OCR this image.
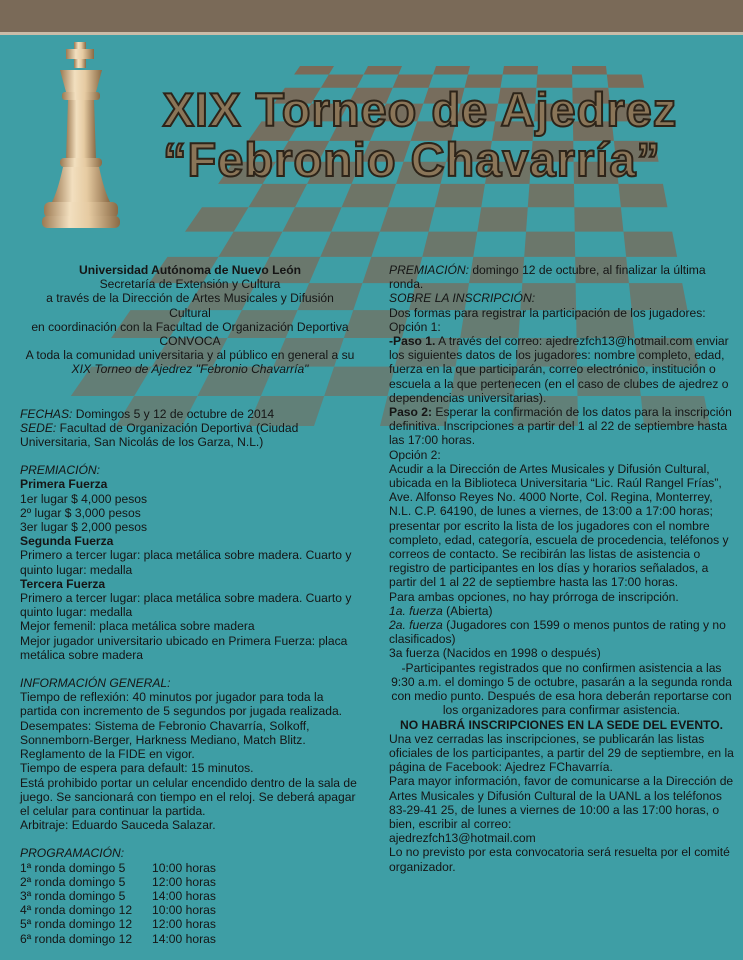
XIX Torneo de Ajedrez
“Febronio Chavarría”

Universidad Autónoma de Nuevo León

Secretaría de Extensión y Cultura

a través de la Dirección de Artes Musicales y Difusión

Cultural

en coordinación con la Facultad de Organización Deportiva

CONVOCA

A toda la comunidad universitaria y al público en general a su

XIX Torneo de Ajedrez "Febronio Chavarría"

FECHAS: Domingos 5 y 12 de octubre de 2014

SEDE: Facultad de Organización Deportiva (Ciudad Universitaria, San Nicolás de los Garza, N.L.)

PREMIACIÓN:

Primera Fuerza

1er lugar $ 4,000 pesos

2º lugar $ 3,000 pesos

3er lugar $ 2,000 pesos

Segunda Fuerza

Primero a tercer lugar: placa metálica sobre madera. Cuarto y quinto lugar: medalla

Tercera Fuerza

Primero a tercer lugar: placa metálica sobre madera. Cuarto y quinto lugar: medalla

Mejor femenil: placa metálica sobre madera

Mejor jugador universitario ubicado en Primera Fuerza: placa metálica sobre madera

INFORMACIÓN GENERAL:

Tiempo de reflexión: 40 minutos por jugador para toda la partida con incremento de 5 segundos por jugada realizada.

Desempates: Sistema de Febronio Chavarría, Solkoff, Sonnemborn-Berger, Harkness Mediano, Match Blitz.

Reglamento de la FIDE en vigor.

Tiempo de espera para default: 15 minutos.

Está prohibido portar un celular encendido dentro de la sala de juego. Se sancionará con tiempo en el reloj. Se deberá apagar el celular para continuar la partida.

Arbitraje: Eduardo Sauceda Salazar.

PROGRAMACIÓN:

1ª ronda domingo 5	10:00 horas
2ª ronda domingo 5	12:00 horas
3ª ronda domingo 5	14:00 horas
4ª ronda domingo 12	10:00 horas
5ª ronda domingo 12	12:00 horas
6ª ronda domingo 12	14:00 horas

PREMIACIÓN: domingo 12 de octubre, al finalizar la última ronda.

SOBRE LA INSCRIPCIÓN:

Dos formas para registrar la participación de los jugadores:

Opción 1:

-Paso 1. A través del correo: ajedrezfch13@hotmail.com enviar los siguientes datos de los jugadores: nombre completo, edad, fuerza en la que participarán, correo electrónico, institución o escuela a la que pertenecen (en el caso de clubes de ajedrez o dependencias universitarias).

Paso 2: Esperar la confirmación de los datos para la inscripción definitiva. Inscripciones a partir del 1 al 22 de septiembre hasta las 17:00 horas.

Opción 2:

Acudir a la Dirección de Artes Musicales y Difusión Cultural, ubicada en la Biblioteca Universitaria “Lic. Raúl Rangel Frías”, Ave. Alfonso Reyes No. 4000 Norte, Col. Regina, Monterrey, N.L. C.P. 64190, de lunes a viernes, de 13:00 a 17:00 horas; presentar por escrito la lista de los jugadores con el nombre completo, edad, categoría, escuela de procedencia, teléfonos y correos de contacto. Se recibirán las listas de asistencia o registro de participantes en los días y horarios señalados, a partir del 1 al 22 de septiembre hasta las 17:00 horas.

Para ambas opciones, no hay prórroga de inscripción.

1a. fuerza (Abierta)

2a. fuerza (Jugadores con 1599 o menos puntos de rating y no clasificados)

3a fuerza (Nacidos en 1998 o después)

-Participantes registrados que no confirmen asistencia a las 9:30 a.m. el domingo 5 de octubre, pasarán a la segunda ronda con medio punto. Después de esa hora deberán reportarse con los organizadores para confirmar asistencia.

NO HABRÁ INSCRIPCIONES EN LA SEDE DEL EVENTO.

Una vez cerradas las inscripciones, se publicarán las listas oficiales de los participantes, a partir del 29 de septiembre, en la página de Facebook: Ajedrez FChavarría.

Para mayor información, favor de comunicarse a la Dirección de Artes Musicales y Difusión Cultural de la UANL a los teléfonos 83-29-41 25, de lunes a viernes de 10:00 a las 17:00 horas, o bien, escribir al correo:

ajedrezfch13@hotmail.com

Lo no previsto por esta convocatoria será resuelta por el comité organizador.
